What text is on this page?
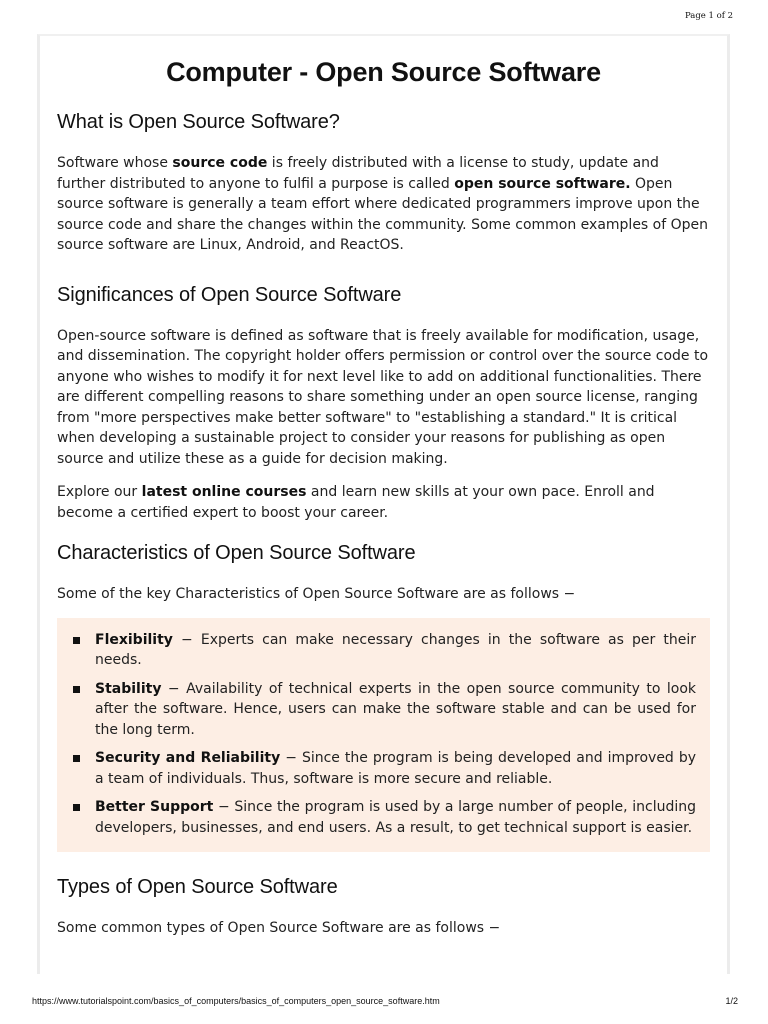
Page 1 of 2
Computer - Open Source Software
What is Open Source Software?

Software whose source code is freely distributed with a license to study, update and further distributed to anyone to fulfil a purpose is called open source software. Open source software is generally a team effort where dedicated programmers improve upon the source code and share the changes within the community. Some common examples of Open source software are Linux, Android, and ReactOS.

Significances of Open Source Software

Open-source software is defined as software that is freely available for modification, usage, and dissemination. The copyright holder offers permission or control over the source code to anyone who wishes to modify it for next level like to add on additional functionalities. There are different compelling reasons to share something under an open source license, ranging from "more perspectives make better software" to "establishing a standard." It is critical when developing a sustainable project to consider your reasons for publishing as open source and utilize these as a guide for decision making.

Explore our latest online courses and learn new skills at your own pace. Enroll and become a certified expert to boost your career.

Characteristics of Open Source Software

Some of the key Characteristics of Open Source Software are as follows −

Flexibility − Experts can make necessary changes in the software as per their needs.
Stability − Availability of technical experts in the open source community to look after the software. Hence, users can make the software stable and can be used for the long term.
Security and Reliability − Since the program is being developed and improved by a team of individuals. Thus, software is more secure and reliable.
Better Support − Since the program is used by a large number of people, including developers, businesses, and end users. As a result, to get technical support is easier.
Types of Open Source Software

Some common types of Open Source Software are as follows −

https://www.tutorialspoint.com/basics_of_computers/basics_of_computers_open_source_software.htm	1/2
